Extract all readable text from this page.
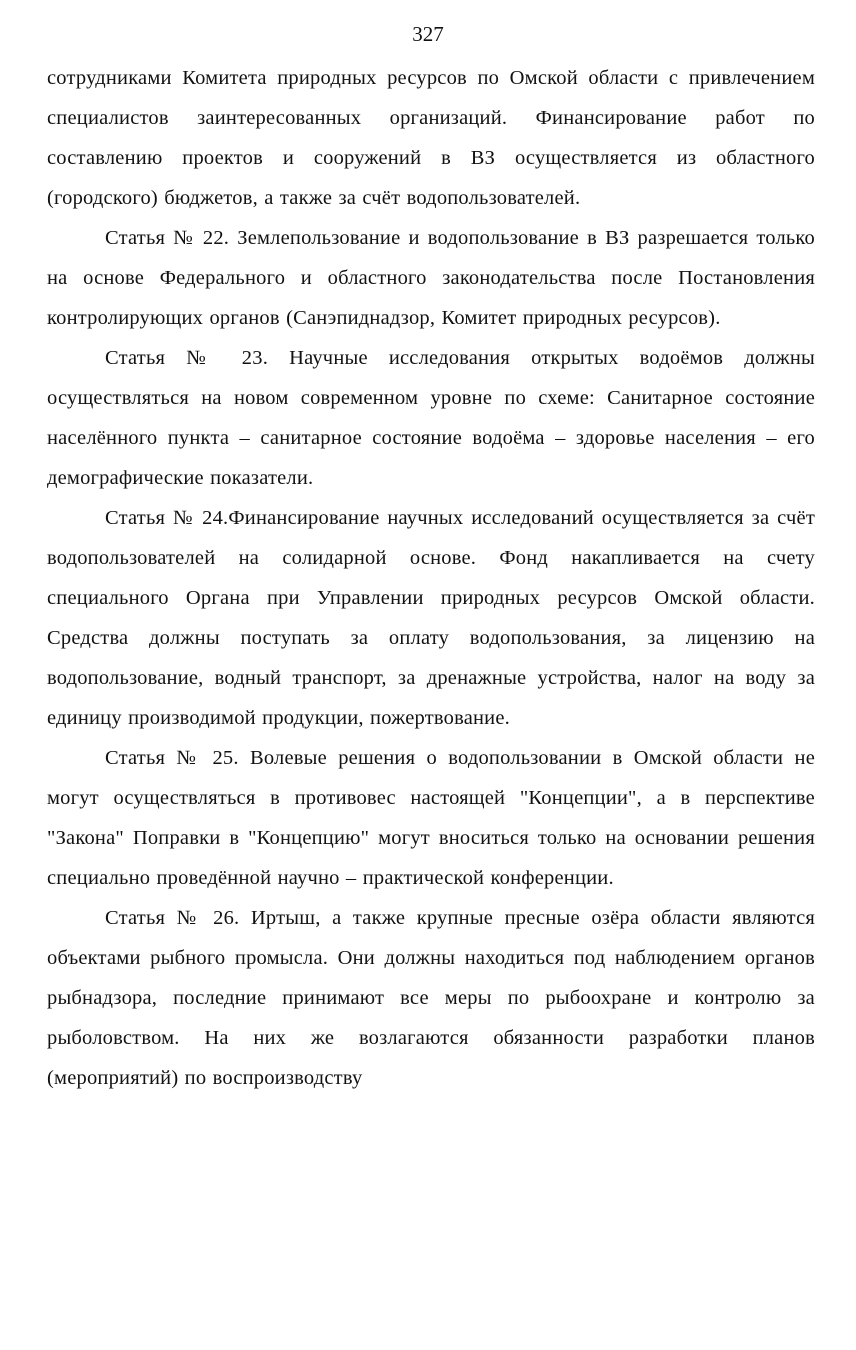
327

сотрудниками Комитета природных ресурсов по Омской области с привлечением специалистов заинтересованных организаций. Финансирование работ по составлению проектов и сооружений в ВЗ осуществляется из областного (городского) бюджетов, а также за счёт водопользователей.

Статья № 22. Землепользование и водопользование в ВЗ разрешается только на основе Федерального и областного законодательства после Постановления контролирующих органов (Санэпиднадзор, Комитет природных ресурсов).

Статья № 23. Научные исследования открытых водоёмов должны осуществляться на новом современном уровне по схеме: Санитарное состояние населённого пункта – санитарное состояние водоёма – здоровье населения – его демографические показатели.

Статья № 24.Финансирование научных исследований осуществляется за счёт водопользователей на солидарной основе. Фонд накапливается на счету специального Органа при Управлении природных ресурсов Омской области. Средства должны поступать за оплату водопользования, за лицензию на водопользование, водный транспорт, за дренажные устройства, налог на воду за единицу производимой продукции, пожертвование.

Статья № 25. Волевые решения о водопользовании в Омской области не могут осуществляться в противовес настоящей "Концепции", а в перспективе "Закона" Поправки в "Концепцию" могут вноситься только на основании решения специально проведённой научно – практической конференции.

Статья № 26. Иртыш, а также крупные пресные озёра области являются объектами рыбного промысла. Они должны находиться под наблюдением органов рыбнадзора, последние принимают все меры по рыбоохране и контролю за рыболовством. На них же возлагаются обязанности разработки планов (мероприятий) по воспроизводству
